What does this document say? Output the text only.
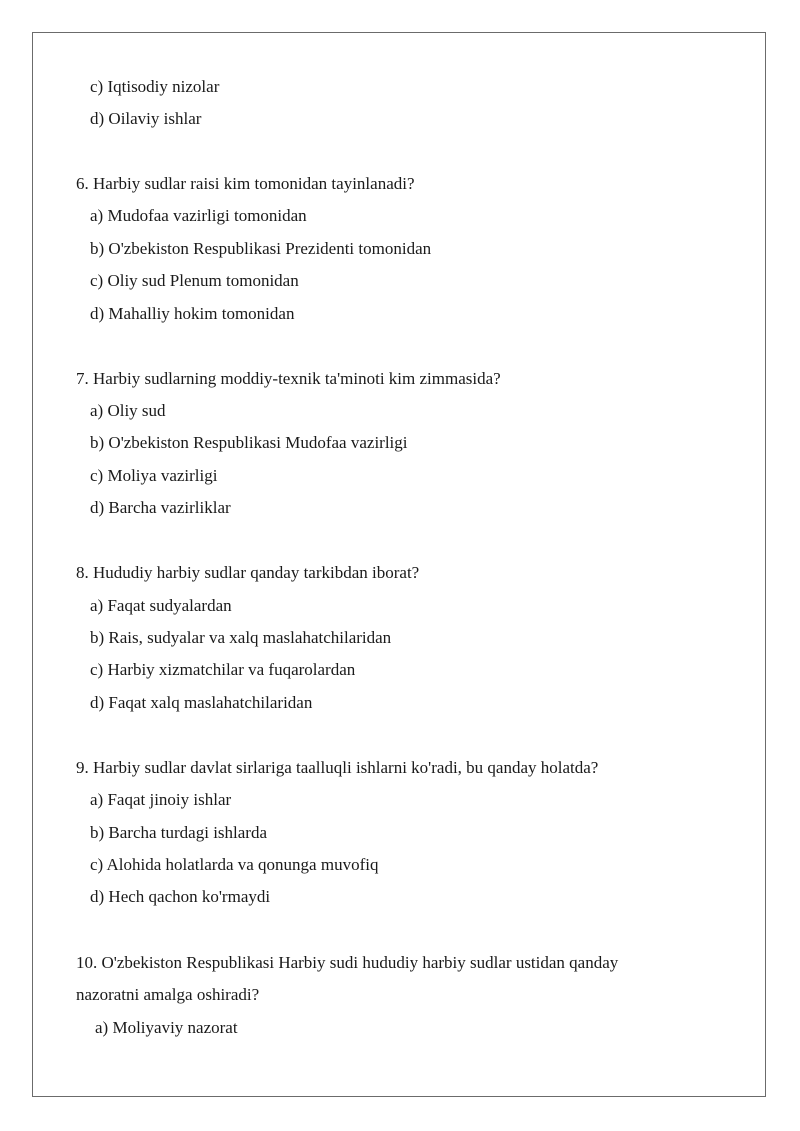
c) Iqtisodiy nizolar
d) Oilaviy ishlar
6. Harbiy sudlar raisi kim tomonidan tayinlanadi?
a) Mudofaa vazirligi tomonidan
b) O'zbekiston Respublikasi Prezidenti tomonidan
c) Oliy sud Plenum tomonidan
d) Mahalliy hokim tomonidan
7. Harbiy sudlarning moddiy-texnik ta'minoti kim zimmasida?
a) Oliy sud
b) O'zbekiston Respublikasi Mudofaa vazirligi
c) Moliya vazirligi
d) Barcha vazirliklar
8. Hududiy harbiy sudlar qanday tarkibdan iborat?
a) Faqat sudyalardan
b) Rais, sudyalar va xalq maslahatchilaridan
c) Harbiy xizmatchilar va fuqarolardan
d) Faqat xalq maslahatchilaridan
9. Harbiy sudlar davlat sirlariga taalluqli ishlarni ko'radi, bu qanday holatda?
a) Faqat jinoiy ishlar
b) Barcha turdagi ishlarda
c) Alohida holatlarda va qonunga muvofiq
d) Hech qachon ko'rmaydi
10. O'zbekiston Respublikasi Harbiy sudi hududiy harbiy sudlar ustidan qanday
nazoratni amalga oshiradi?
a) Moliyaviy nazorat
